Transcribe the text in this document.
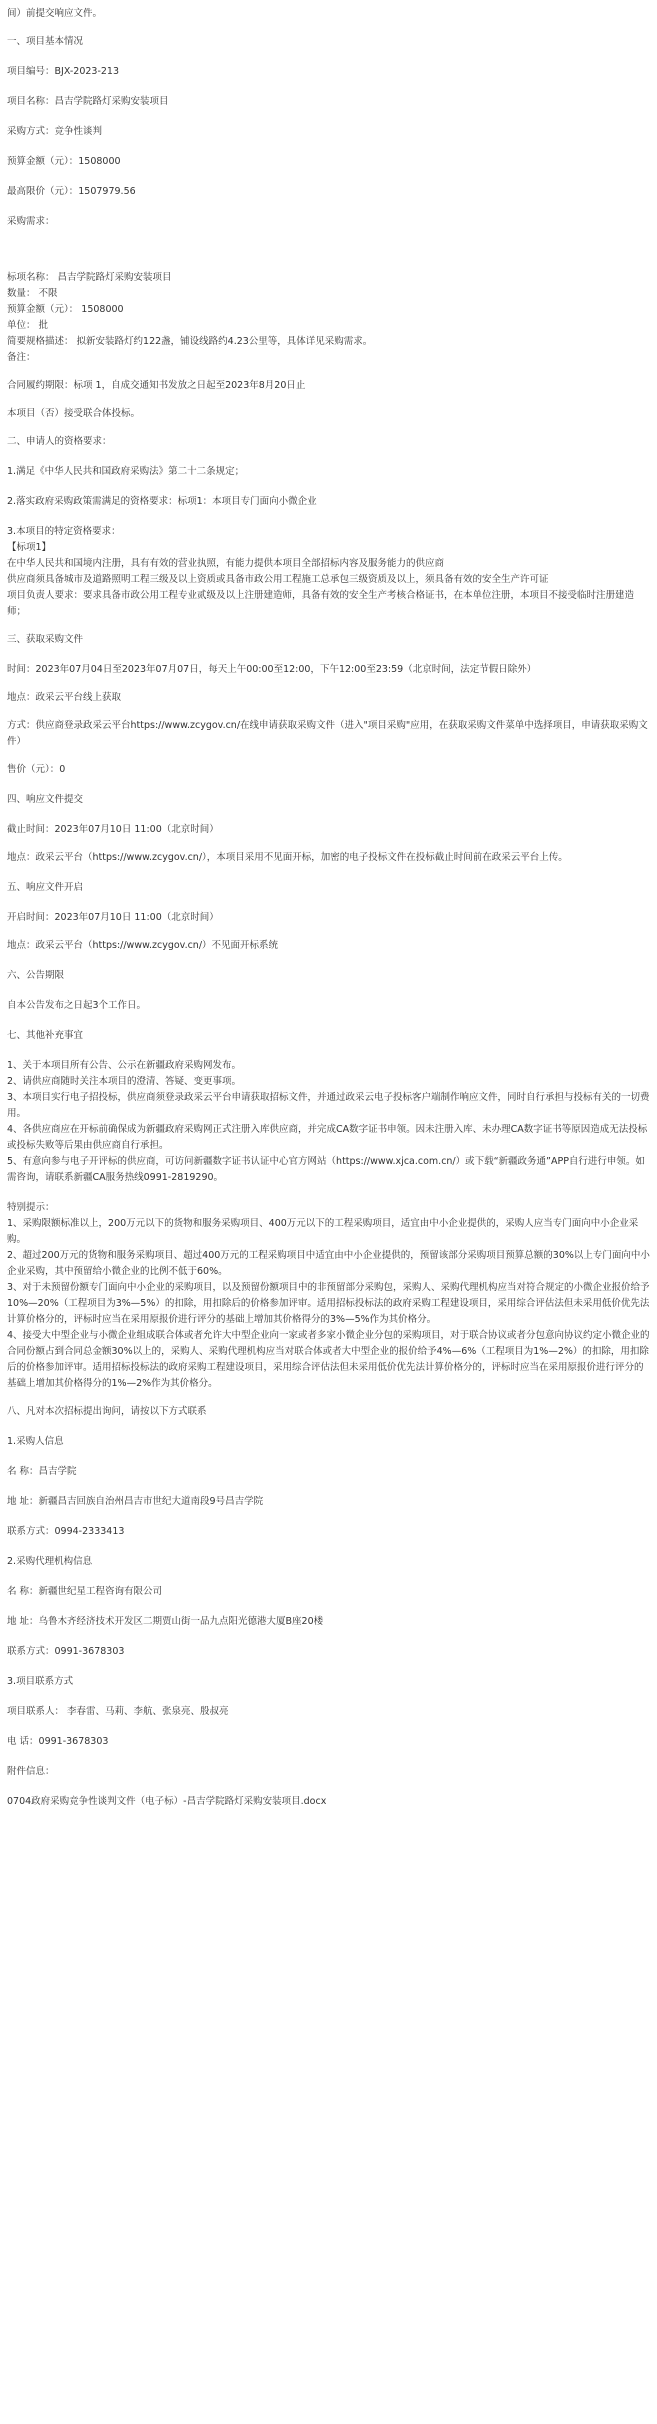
间）前提交响应文件。

一、项目基本情况

项目编号：BJX-2023-213

项目名称：昌吉学院路灯采购安装项目

采购方式：竞争性谈判

预算金额（元）：1508000

最高限价（元）：1507979.56

采购需求：

标项名称： 昌吉学院路灯采购安装项目

数量： 不限

预算金额（元）： 1508000

单位： 批

简要规格描述： 拟新安装路灯约122盏，铺设线路约4.23公里等，具体详见采购需求。

备注：

合同履约期限：标项 1，自成交通知书发放之日起至2023年8月20日止

本项目（否）接受联合体投标。

二、申请人的资格要求：

1.满足《中华人民共和国政府采购法》第二十二条规定；

2.落实政府采购政策需满足的资格要求：标项1：本项目专门面向小微企业

3.本项目的特定资格要求：

【标项1】

在中华人民共和国境内注册，具有有效的营业执照，有能力提供本项目全部招标内容及服务能力的供应商

供应商须具备城市及道路照明工程三级及以上资质或具备市政公用工程施工总承包三级资质及以上，须具备有效的安全生产许可证

项目负责人要求：要求具备市政公用工程专业贰级及以上注册建造师，具备有效的安全生产考核合格证书，在本单位注册，本项目不接受临时注册建造师；

三、获取采购文件

时间：2023年07月04日至2023年07月07日，每天上午00:00至12:00，下午12:00至23:59（北京时间，法定节假日除外）

地点：政采云平台线上获取

方式：供应商登录政采云平台https://www.zcygov.cn/在线申请获取采购文件（进入"项目采购"应用，在获取采购文件菜单中选择项目，申请获取采购文件）

售价（元）：0

四、响应文件提交

截止时间：2023年07月10日 11:00（北京时间）

地点：政采云平台（https://www.zcygov.cn/），本项目采用不见面开标，加密的电子投标文件在投标截止时间前在政采云平台上传。

五、响应文件开启

开启时间：2023年07月10日 11:00（北京时间）

地点：政采云平台（https://www.zcygov.cn/）不见面开标系统

六、公告期限

自本公告发布之日起3个工作日。

七、其他补充事宜

1、关于本项目所有公告、公示在新疆政府采购网发布。

2、请供应商随时关注本项目的澄清、答疑、变更事项。

3、本项目实行电子招投标，供应商须登录政采云平台申请获取招标文件，并通过政采云电子投标客户端制作响应文件，同时自行承担与投标有关的一切费用。

4、各供应商应在开标前确保成为新疆政府采购网正式注册入库供应商，并完成CA数字证书申领。因未注册入库、未办理CA数字证书等原因造成无法投标或投标失败等后果由供应商自行承担。

5、有意向参与电子开评标的供应商，可访问新疆数字证书认证中心官方网站（https://www.xjca.com.cn/）或下载“新疆政务通”APP自行进行申领。如需咨询，请联系新疆CA服务热线0991-2819290。

特别提示：

1、采购限额标准以上，200万元以下的货物和服务采购项目、400万元以下的工程采购项目，适宜由中小企业提供的，采购人应当专门面向中小企业采购。

2、超过200万元的货物和服务采购项目、超过400万元的工程采购项目中适宜由中小企业提供的，预留该部分采购项目预算总额的30%以上专门面向中小企业采购，其中预留给小微企业的比例不低于60%。

3、对于未预留份额专门面向中小企业的采购项目，以及预留份额项目中的非预留部分采购包，采购人、采购代理机构应当对符合规定的小微企业报价给予10%—20%（工程项目为3%—5%）的扣除，用扣除后的价格参加评审。适用招标投标法的政府采购工程建设项目，采用综合评估法但未采用低价优先法计算价格分的，评标时应当在采用原报价进行评分的基础上增加其价格得分的3%—5%作为其价格分。

4、接受大中型企业与小微企业组成联合体或者允许大中型企业向一家或者多家小微企业分包的采购项目，对于联合协议或者分包意向协议约定小微企业的合同份额占到合同总金额30%以上的，采购人、采购代理机构应当对联合体或者大中型企业的报价给予4%—6%（工程项目为1%—2%）的扣除，用扣除后的价格参加评审。适用招标投标法的政府采购工程建设项目，采用综合评估法但未采用低价优先法计算价格分的，评标时应当在采用原报价进行评分的基础上增加其价格得分的1%—2%作为其价格分。

八、凡对本次招标提出询问，请按以下方式联系

1.采购人信息

名 称：昌吉学院

地 址：新疆昌吉回族自治州昌吉市世纪大道南段9号昌吉学院

联系方式：0994-2333413

2.采购代理机构信息

名 称：新疆世纪星工程咨询有限公司

地 址：乌鲁木齐经济技术开发区二期贾山街一品九点阳光德港大厦B座20楼

联系方式：0991-3678303

3.项目联系方式

项目联系人： 李春雷、马莉、李航、张泉亮、殷叔亮

电 话：0991-3678303

附件信息：

0704政府采购竞争性谈判文件（电子标）-昌吉学院路灯采购安装项目.docx
